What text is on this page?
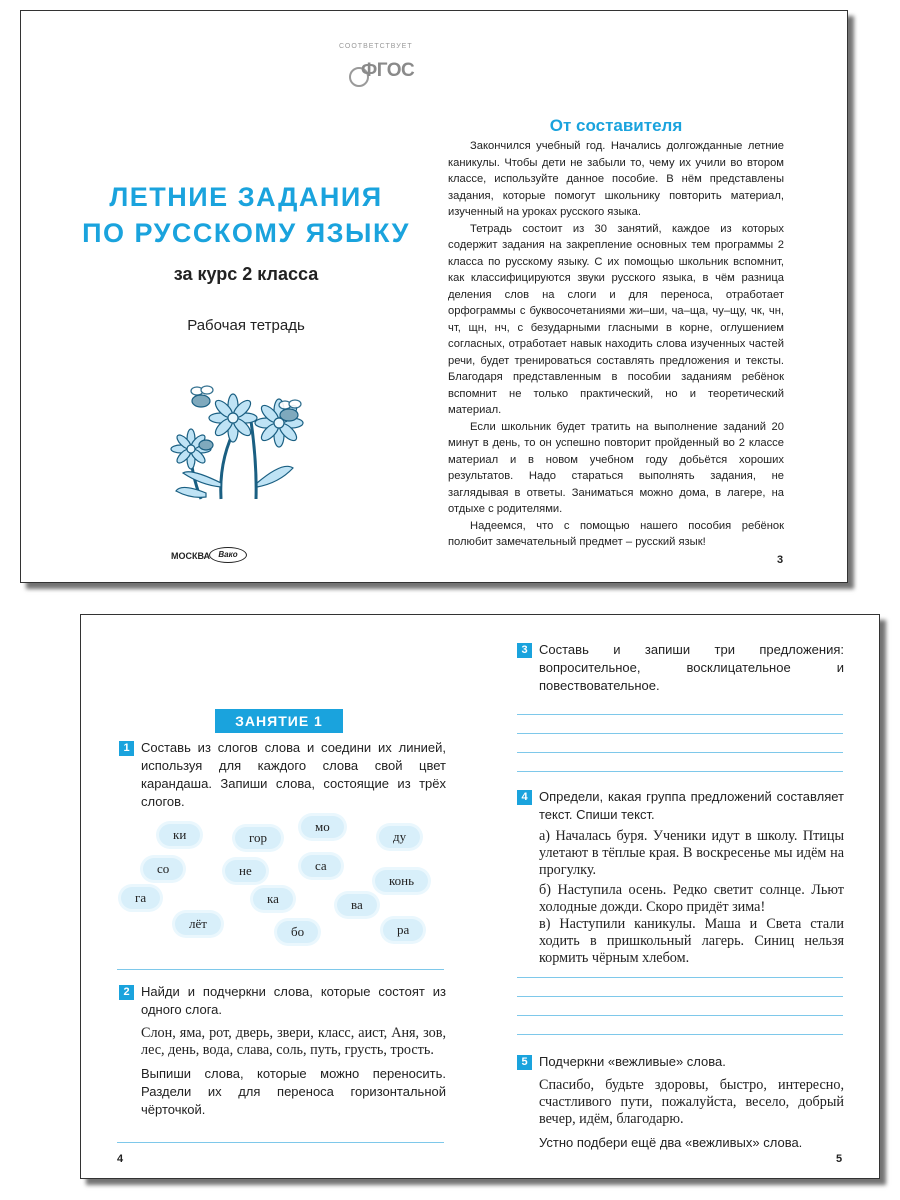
СООТВЕТСТВУЕТ
ФГОС
ЛЕТНИЕ ЗАДАНИЯ
ПО РУССКОМУ ЯЗЫКУ
за курс 2 класса
Рабочая тетрадь
МОСКВА	Вако
От составителя

Закончился учебный год. Начались долгожданные летние каникулы. Чтобы дети не забыли то, чему их учили во втором классе, используйте данное пособие. В нём представлены задания, которые помогут школьнику повторить материал, изученный на уроках русского языка.

Тетрадь состоит из 30 занятий, каждое из которых содержит задания на закрепление основных тем программы 2 класса по русскому языку. С их помощью школьник вспомнит, как классифицируются звуки русского языка, в чём разница деления слов на слоги и для переноса, отработает орфограммы с буквосочетаниями жи–ши, ча–ща, чу–щу, чк, чн, чт, щн, нч, с безударными гласными в корне, оглушением согласных, отработает навык находить слова изученных частей речи, будет тренироваться составлять предложения и тексты. Благодаря представленным в пособии заданиям ребёнок вспомнит не только практический, но и теоретический материал.

Если школьник будет тратить на выполнение заданий 20 минут в день, то он успешно повторит пройденный во 2 классе материал и в новом учебном году добьётся хороших результатов. Надо стараться выполнять задания, не заглядывая в ответы. Заниматься можно дома, в лагере, на отдыхе с родителями.

Надеемся, что с помощью нашего пособия ребёнок полюбит замечательный предмет – русский язык!

3
ЗАНЯТИЕ 1
1 Составь из слогов слова и соедини их линией, используя для каждого слова свой цвет карандаша. Запиши слова, состоящие из трёх слогов.
ки	гор
мо
ду
со	не	са
конь
га	ка	ва
лёт
бо	ра
2 Найди и подчеркни слова, которые состоят из одного слога.
Слон, яма, рот, дверь, звери, класс, аист, Аня, зов, лес, день, вода, слава, соль, путь, грусть, трость.
Выпиши слова, которые можно переносить. Раздели их для переноса горизонтальной чёрточкой.
4
3 Составь и запиши три предложения: вопросительное, восклицательное и повествовательное.
4 Определи, какая группа предложений составляет текст. Спиши текст.
а) Началась буря. Ученики идут в школу. Птицы улетают в тёплые края. В воскресенье мы идём на прогулку.
б) Наступила осень. Редко светит солнце. Льют холодные дожди. Скоро придёт зима!
в) Наступили каникулы. Маша и Света стали ходить в пришкольный лагерь. Синиц нельзя кормить чёрным хлебом.
5 Подчеркни «вежливые» слова.
Спасибо, будьте здоровы, быстро, интересно, счастливого пути, пожалуйста, весело, добрый вечер, идём, благодарю.
Устно подбери ещё два «вежливых» слова.
5
